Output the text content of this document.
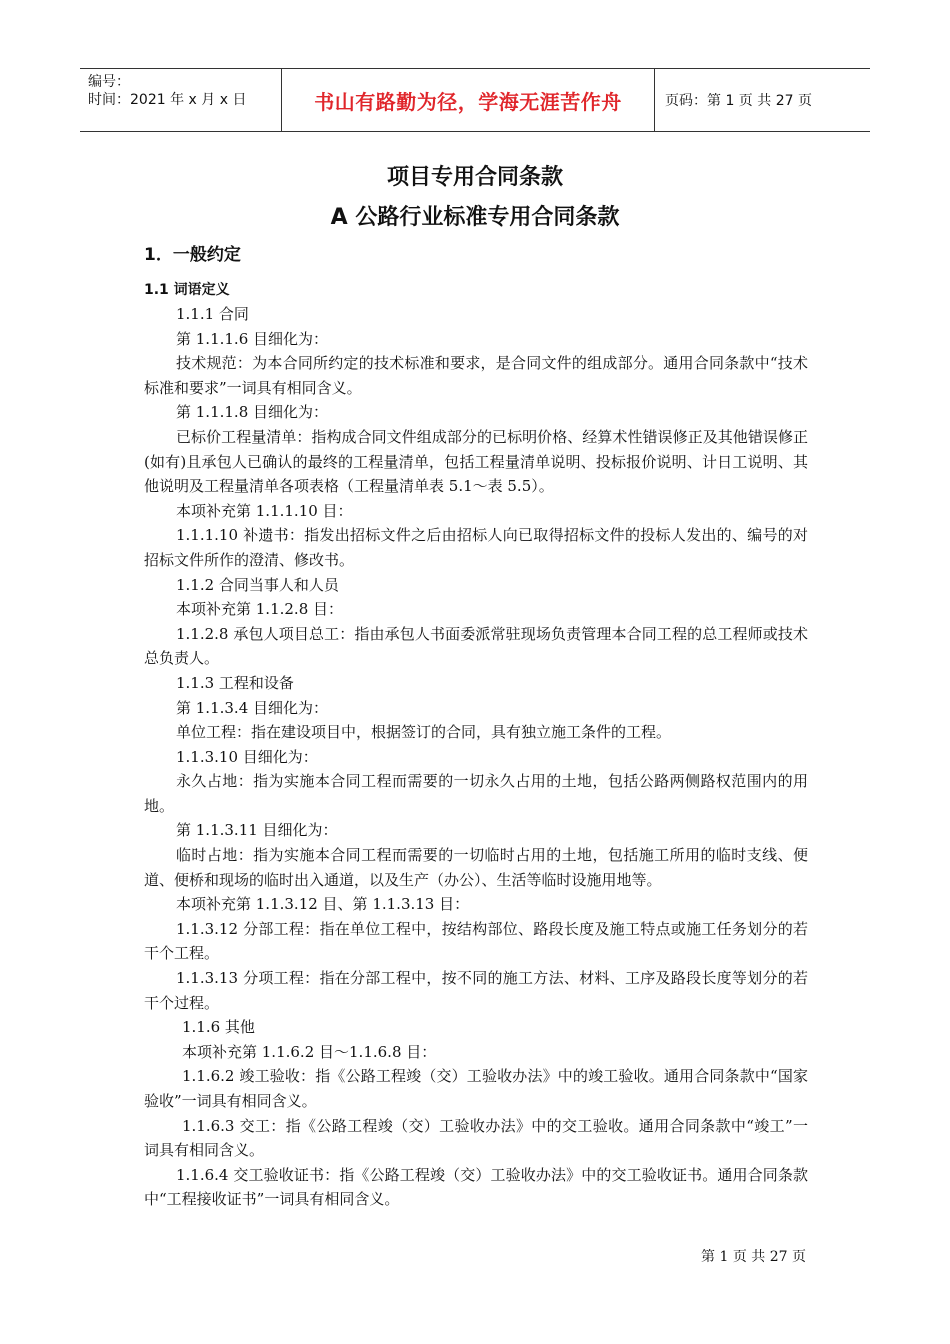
编号：
时间：2021 年 x 月 x 日	书山有路勤为径，学海无涯苦作舟	页码：第 1 页 共 27 页
项目专用合同条款
A 公路行业标准专用合同条款
1．一般约定
1.1 词语定义

1.1.1 合同

第 1.1.1.6 目细化为：

技术规范：为本合同所约定的技术标准和要求，是合同文件的组成部分。通用合同条款中“技术标准和要求”一词具有相同含义。

第 1.1.1.8 目细化为：

已标价工程量清单：指构成合同文件组成部分的已标明价格、经算术性错误修正及其他错误修正(如有)且承包人已确认的最终的工程量清单，包括工程量清单说明、投标报价说明、计日工说明、其他说明及工程量清单各项表格（工程量清单表 5.1～表 5.5）。

本项补充第 1.1.1.10 目：

1.1.1.10 补遗书：指发出招标文件之后由招标人向已取得招标文件的投标人发出的、编号的对招标文件所作的澄清、修改书。

1.1.2 合同当事人和人员

本项补充第 1.1.2.8 目：

1.1.2.8 承包人项目总工：指由承包人书面委派常驻现场负责管理本合同工程的总工程师或技术总负责人。

1.1.3 工程和设备

第 1.1.3.4 目细化为：

单位工程：指在建设项目中，根据签订的合同，具有独立施工条件的工程。

1.1.3.10 目细化为：

永久占地：指为实施本合同工程而需要的一切永久占用的土地，包括公路两侧路权范围内的用地。

第 1.1.3.11 目细化为：

临时占地：指为实施本合同工程而需要的一切临时占用的土地，包括施工所用的临时支线、便道、便桥和现场的临时出入通道，以及生产（办公）、生活等临时设施用地等。

本项补充第 1.1.3.12 目、第 1.1.3.13 目：

1.1.3.12 分部工程：指在单位工程中，按结构部位、路段长度及施工特点或施工任务划分的若干个工程。

1.1.3.13 分项工程：指在分部工程中，按不同的施工方法、材料、工序及路段长度等划分的若干个过程。

1.1.6 其他

本项补充第 1.1.6.2 目～1.1.6.8 目：

1.1.6.2 竣工验收：指《公路工程竣（交）工验收办法》中的竣工验收。通用合同条款中“国家验收”一词具有相同含义。

1.1.6.3 交工：指《公路工程竣（交）工验收办法》中的交工验收。通用合同条款中“竣工”一词具有相同含义。

1.1.6.4 交工验收证书：指《公路工程竣（交）工验收办法》中的交工验收证书。通用合同条款中“工程接收证书”一词具有相同含义。

第 1 页 共 27 页
